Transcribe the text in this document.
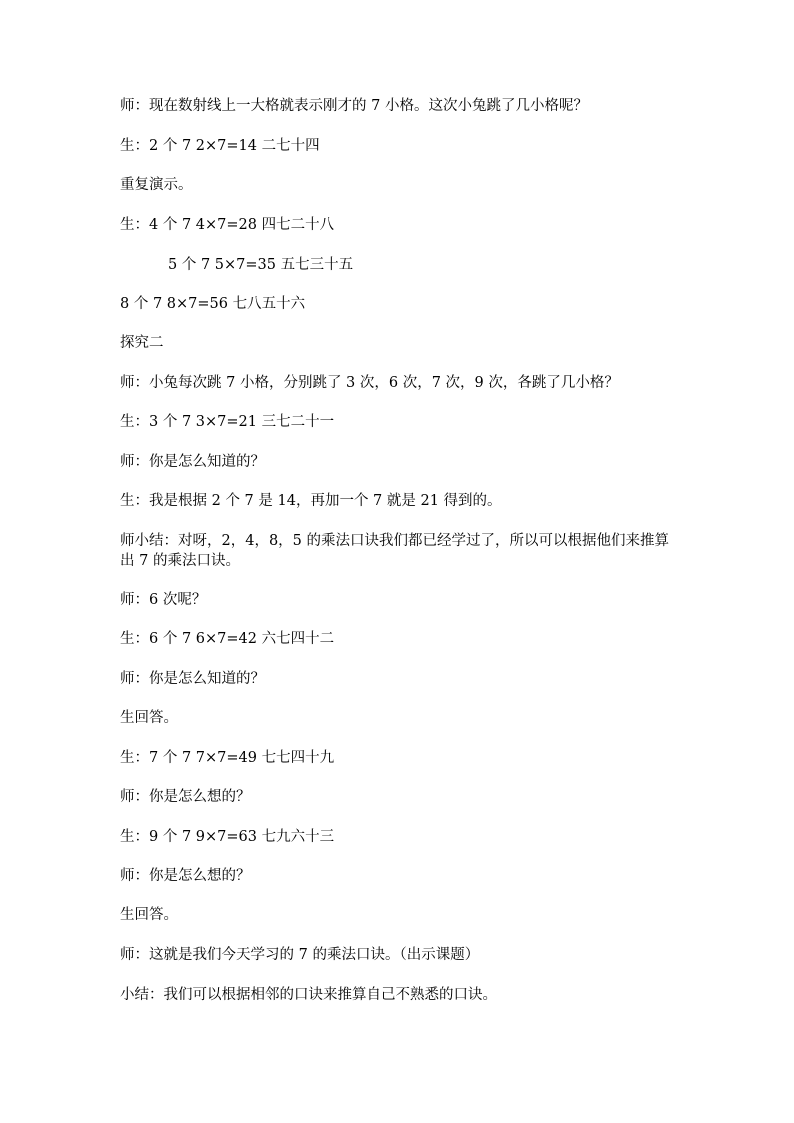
师：现在数射线上一大格就表示刚才的 7 小格。这次小兔跳了几小格呢？
生：2 个 7 2×7=14 二七十四
重复演示。
生：4 个 7 4×7=28 四七二十八
5 个 7 5×7=35 五七三十五
8 个 7 8×7=56 七八五十六
探究二
师：小兔每次跳 7 小格，分别跳了 3 次，6 次，7 次，9 次，各跳了几小格？
生：3 个 7 3×7=21 三七二十一
师：你是怎么知道的？
生：我是根据 2 个 7 是 14，再加一个 7 就是 21 得到的。
师小结：对呀，2，4，8，5 的乘法口诀我们都已经学过了，所以可以根据他们来推算出 7 的乘法口诀。
师：6 次呢？
生：6 个 7 6×7=42 六七四十二
师：你是怎么知道的？
生回答。
生：7 个 7 7×7=49 七七四十九
师：你是怎么想的？
生：9 个 7 9×7=63 七九六十三
师：你是怎么想的？
生回答。
师：这就是我们今天学习的 7 的乘法口诀。（出示课题）
小结：我们可以根据相邻的口诀来推算自己不熟悉的口诀。
